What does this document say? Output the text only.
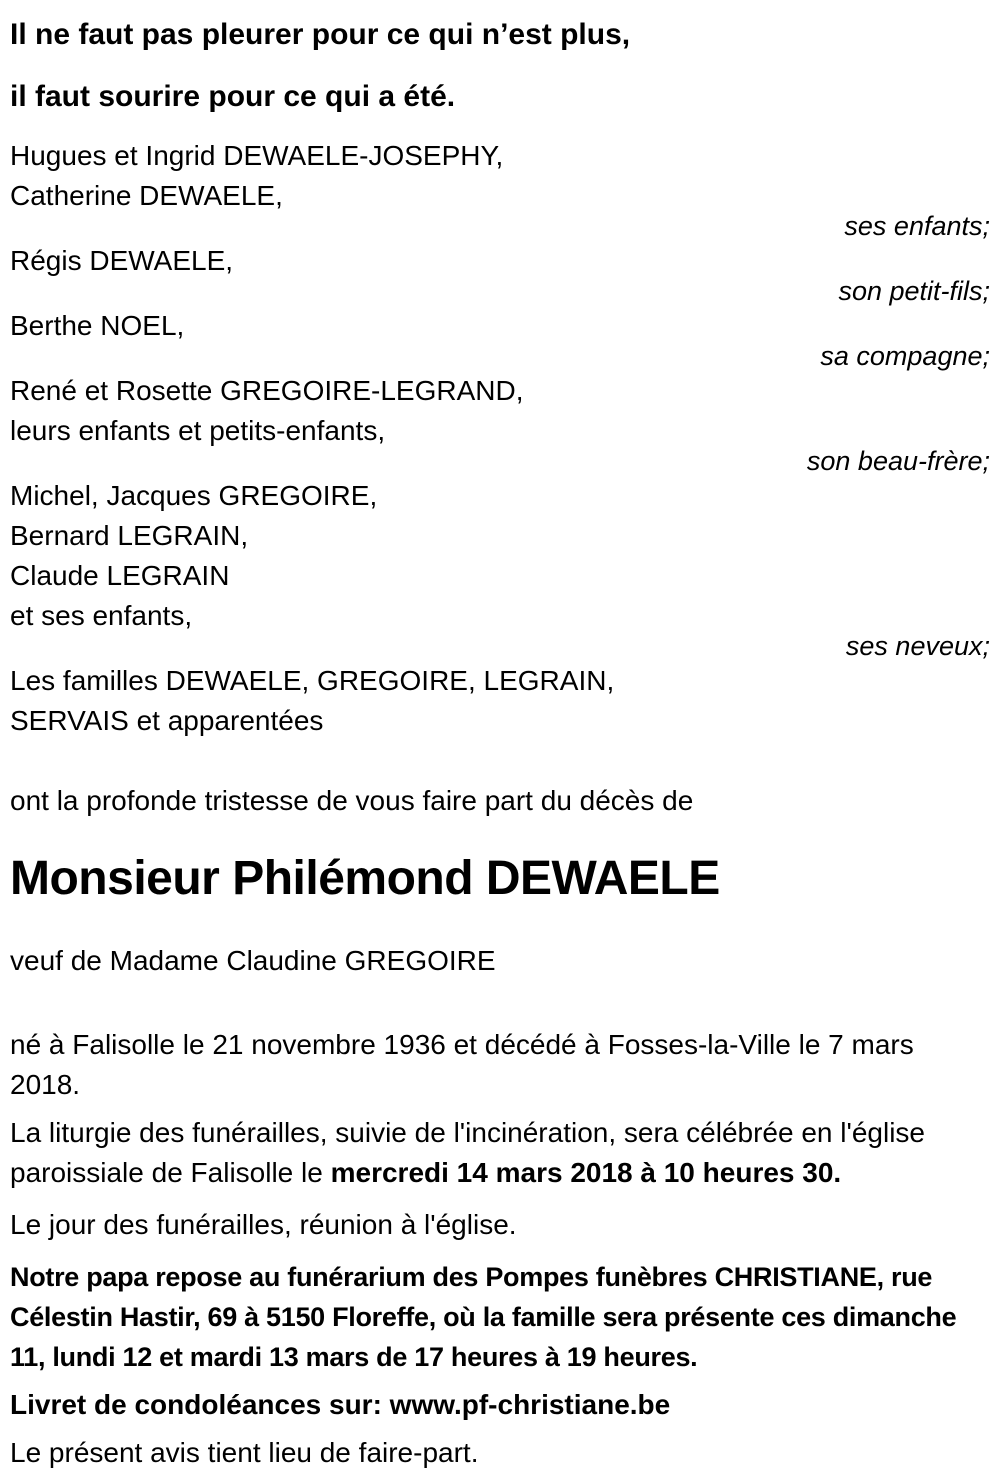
Il ne faut pas pleurer pour ce qui n’est plus,
il faut sourire pour ce qui a été.
Hugues et Ingrid DEWAELE-JOSEPHY,
Catherine DEWAELE,
ses enfants;
Régis DEWAELE,
son petit-fils;
Berthe NOEL,
sa compagne;
René et Rosette GREGOIRE-LEGRAND,
leurs enfants et petits-enfants,
son beau-frère;
Michel, Jacques GREGOIRE,
Bernard LEGRAIN,
Claude LEGRAIN
et ses enfants,
ses neveux;
Les familles DEWAELE, GREGOIRE, LEGRAIN,
SERVAIS et apparentées
ont la profonde tristesse de vous faire part du décès de
Monsieur Philémond DEWAELE
veuf de Madame Claudine GREGOIRE
né à Falisolle le 21 novembre 1936 et décédé à Fosses-la-Ville le 7 mars 2018.
La liturgie des funérailles, suivie de l'incinération, sera célébrée en l'église paroissiale de Falisolle le mercredi 14 mars 2018 à 10 heures 30.
Le jour des funérailles, réunion à l'église.
Notre papa repose au funérarium des Pompes funèbres CHRISTIANE, rue Célestin Hastir, 69 à 5150 Floreffe, où la famille sera présente ces dimanche 11, lundi 12 et mardi 13 mars de 17 heures à 19 heures.
Livret de condoléances sur: www.pf-christiane.be
Le présent avis tient lieu de faire-part.
